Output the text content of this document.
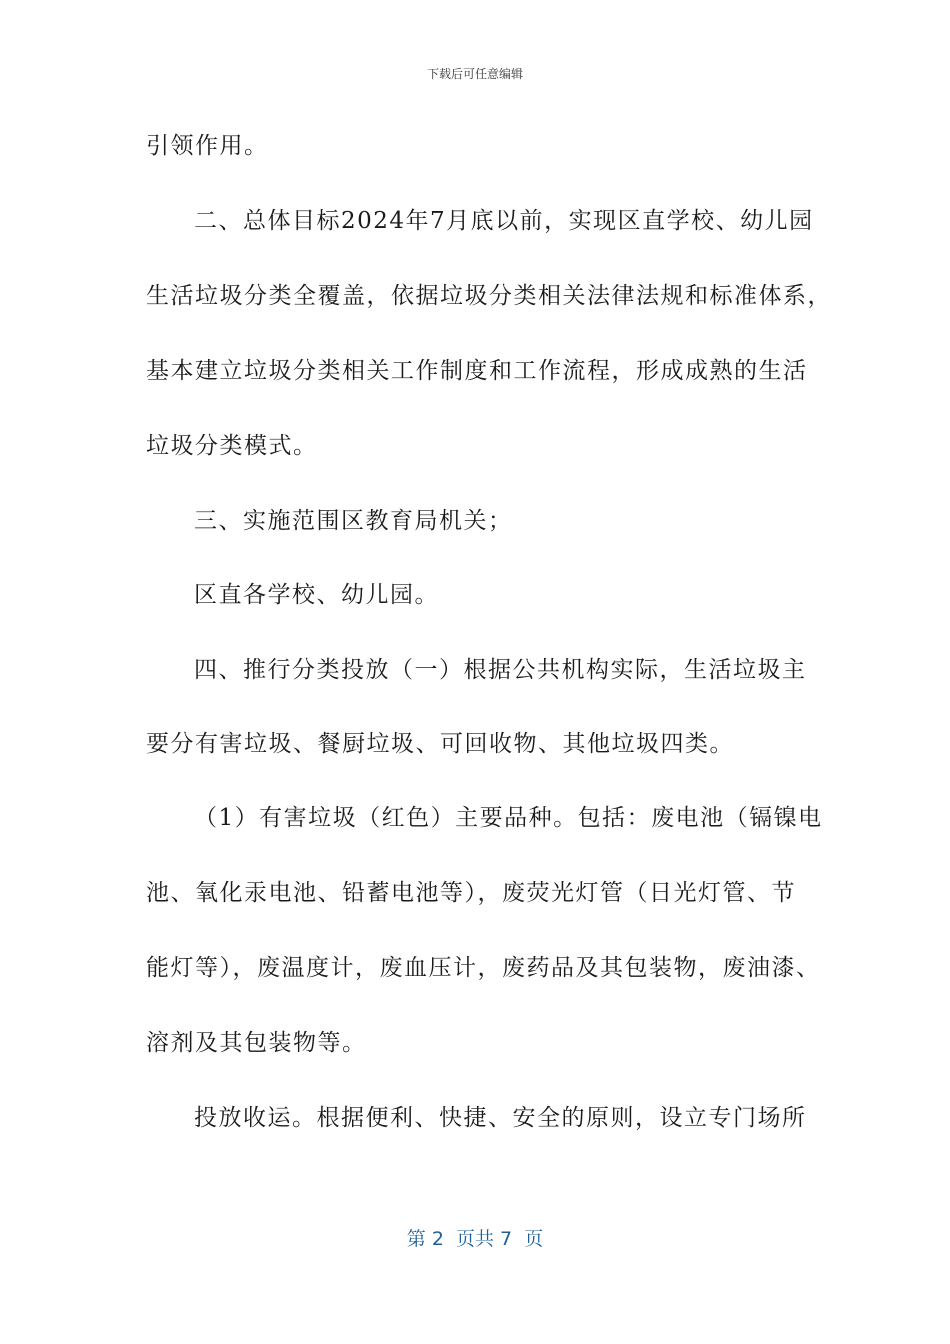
下载后可任意编辑
引领作用。
二、总体目标2024年7月底以前，实现区直学校、幼儿园
生活垃圾分类全覆盖，依据垃圾分类相关法律法规和标准体系，
基本建立垃圾分类相关工作制度和工作流程，形成成熟的生活
垃圾分类模式。
三、实施范围区教育局机关；
区直各学校、幼儿园。
四、推行分类投放（一）根据公共机构实际，生活垃圾主
要分有害垃圾、餐厨垃圾、可回收物、其他垃圾四类。
（1）有害垃圾（红色）主要品种。包括：废电池（镉镍电
池、氧化汞电池、铅蓄电池等），废荧光灯管（日光灯管、节
能灯等），废温度计，废血压计，废药品及其包装物，废油漆、
溶剂及其包装物等。
投放收运。根据便利、快捷、安全的原则，设立专门场所
第 2  页共 7  页
